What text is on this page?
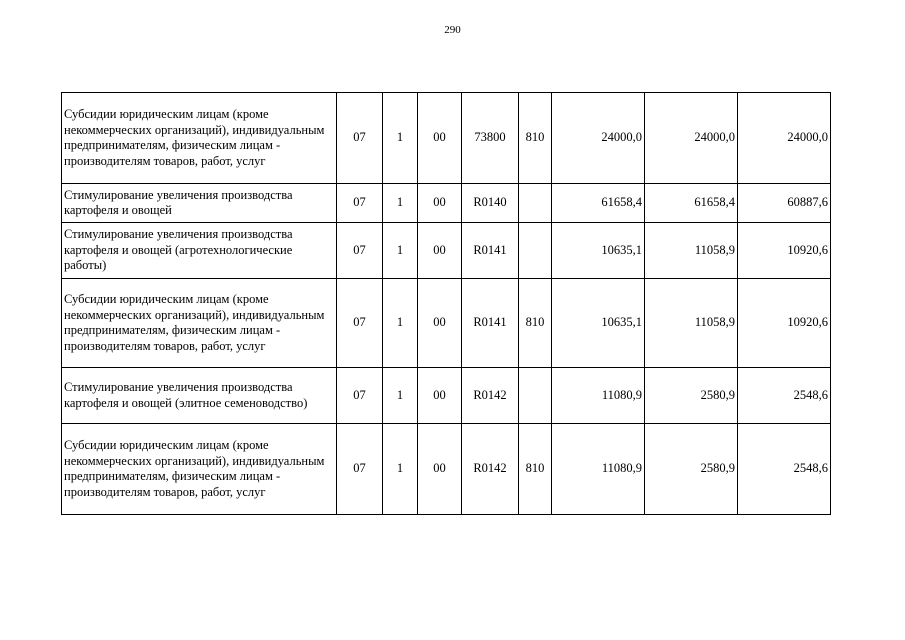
290
Субсидии юридическим лицам (кроме некоммерческих организаций), индивидуальным предпринимателям, физическим лицам - производителям товаров, работ, услуг	07	1	00	73800	810	24000,0	24000,0	24000,0
Стимулирование увеличения производства картофеля и овощей	07	1	00	R0140		61658,4	61658,4	60887,6
Стимулирование увеличения производства картофеля и овощей (агротехнологические работы)	07	1	00	R0141		10635,1	11058,9	10920,6
Субсидии юридическим лицам (кроме некоммерческих организаций), индивидуальным предпринимателям, физическим лицам - производителям товаров, работ, услуг	07	1	00	R0141	810	10635,1	11058,9	10920,6
Стимулирование увеличения производства картофеля и овощей (элитное семеноводство)	07	1	00	R0142		11080,9	2580,9	2548,6
Субсидии юридическим лицам (кроме некоммерческих организаций), индивидуальным предпринимателям, физическим лицам - производителям товаров, работ, услуг	07	1	00	R0142	810	11080,9	2580,9	2548,6
